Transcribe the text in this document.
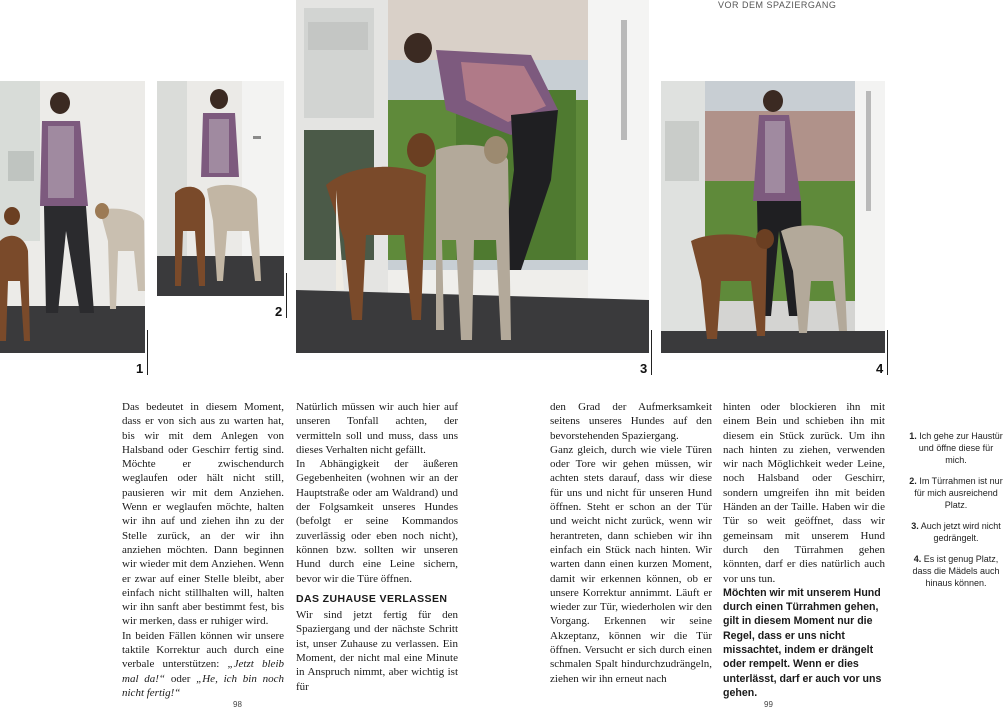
VOR DEM SPAZIERGANG
1
2
3	4

Das bedeutet in diesem Moment, dass er von sich aus zu warten hat, bis wir mit dem Anlegen von Halsband oder Geschirr fertig sind. Möchte er zwischendurch weglaufen oder hält nicht still, pausieren wir mit dem Anziehen. Wenn er weglaufen möchte, halten wir ihn auf und ziehen ihn zu der Stelle zurück, an der wir ihn anziehen möchten. Dann beginnen wir wieder mit dem Anziehen. Wenn er zwar auf einer Stelle bleibt, aber einfach nicht stillhalten will, halten wir ihn sanft aber bestimmt fest, bis wir merken, dass er ruhiger wird.

In beiden Fällen können wir unsere taktile Korrektur auch durch eine verbale unterstützen: „Jetzt bleib mal da!“ oder „He, ich bin noch nicht fertig!“

Natürlich müssen wir auch hier auf unseren Tonfall achten, der vermitteln soll und muss, dass uns dieses Verhalten nicht gefällt.

In Abhängigkeit der äußeren Gegebenheiten (wohnen wir an der Hauptstraße oder am Waldrand) und der Folgsamkeit unseres Hundes (befolgt er seine Kommandos zuverlässig oder eben noch nicht), können bzw. sollten wir unseren Hund durch eine Leine sichern, bevor wir die Türe öffnen.

DAS ZUHAUSE VERLASSEN

Wir sind jetzt fertig für den Spaziergang und der nächste Schritt ist, unser Zuhause zu verlassen. Ein Moment, der nicht mal eine Minute in Anspruch nimmt, aber wichtig ist für

den Grad der Aufmerksamkeit seitens unseres Hundes auf den bevorstehenden Spaziergang.

Ganz gleich, durch wie viele Türen oder Tore wir gehen müssen, wir achten stets darauf, dass wir diese für uns und nicht für unseren Hund öffnen. Steht er schon an der Tür und weicht nicht zurück, wenn wir herantreten, dann schieben wir ihn einfach ein Stück nach hinten. Wir warten dann einen kurzen Moment, damit wir erkennen können, ob er unsere Korrektur annimmt. Läuft er wieder zur Tür, wiederholen wir den Vorgang. Erkennen wir seine Akzeptanz, können wir die Tür öffnen. Versucht er sich durch einen schmalen Spalt hindurchzudrängeln, ziehen wir ihn erneut nach

hinten oder blockieren ihn mit einem Bein und schieben ihn mit diesem ein Stück zurück. Um ihn nach hinten zu ziehen, verwenden wir nach Möglichkeit weder Leine, noch Halsband oder Geschirr, sondern umgreifen ihn mit beiden Händen an der Taille. Haben wir die Tür so weit geöffnet, dass wir gemeinsam mit unserem Hund durch den Türrahmen gehen könnten, darf er dies natürlich auch vor uns tun.

Möchten wir mit unserem Hund durch einen Türrahmen gehen, gilt in diesem Moment nur die Regel, dass er uns nicht missachtet, indem er drängelt oder rempelt. Wenn er dies unterlässt, darf er auch vor uns gehen.

1. Ich gehe zur Haustür und öffne diese für mich.
2. Im Türrahmen ist nur für mich ausreichend Platz.
3. Auch jetzt wird nicht gedrängelt.
4. Es ist genug Platz, dass die Mädels auch hinaus können.
98	99
